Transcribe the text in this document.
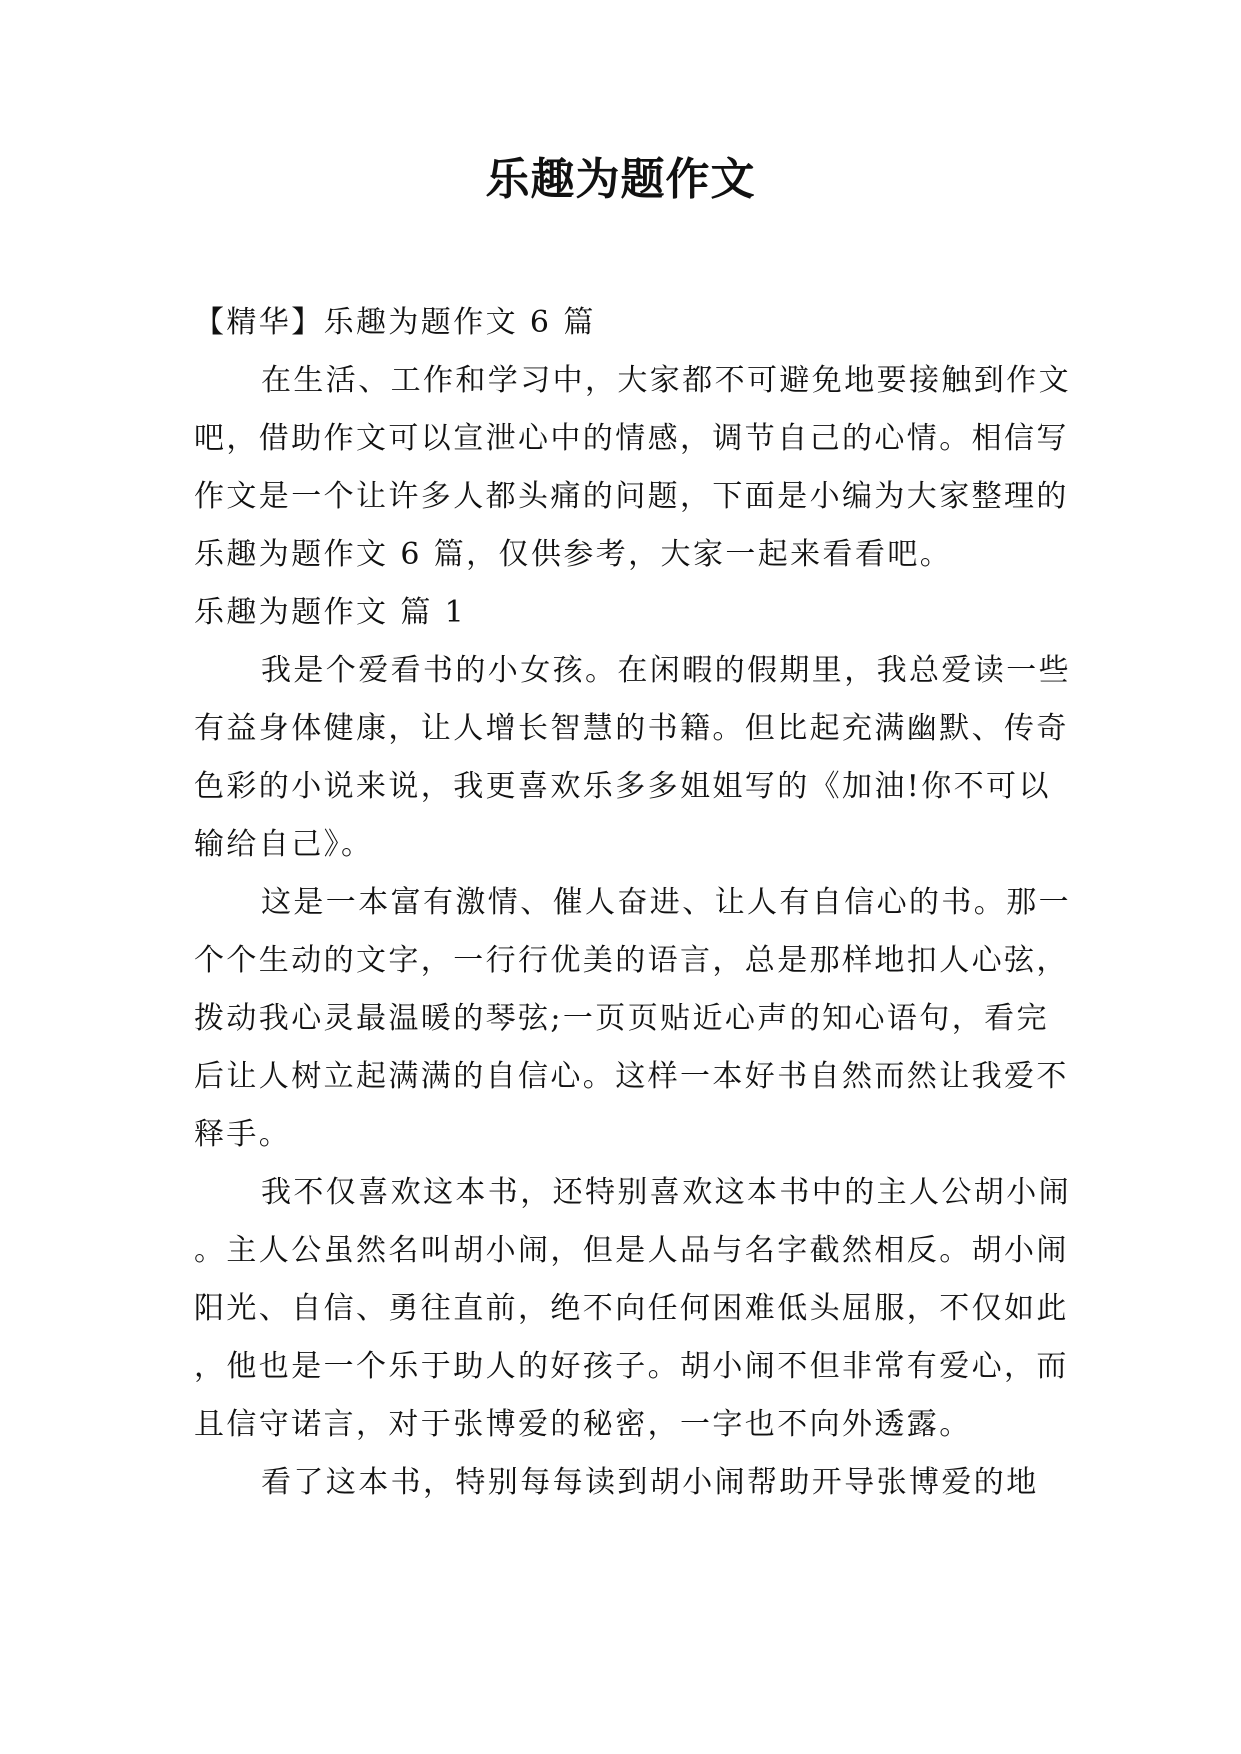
乐趣为题作文

【精华】乐趣为题作文 6 篇

在生活、工作和学习中，大家都不可避免地要接触到作文吧，借助作文可以宣泄心中的情感，调节自己的心情。相信写作文是一个让许多人都头痛的问题，下面是小编为大家整理的乐趣为题作文 6 篇，仅供参考，大家一起来看看吧。

乐趣为题作文 篇 1

我是个爱看书的小女孩。在闲暇的假期里，我总爱读一些有益身体健康，让人增长智慧的书籍。但比起充满幽默、传奇色彩的小说来说，我更喜欢乐多多姐姐写的《加油!你不可以输给自己》。

这是一本富有激情、催人奋进、让人有自信心的书。那一个个生动的文字，一行行优美的语言，总是那样地扣人心弦，拨动我心灵最温暖的琴弦;一页页贴近心声的知心语句，看完后让人树立起满满的自信心。这样一本好书自然而然让我爱不释手。

我不仅喜欢这本书，还特别喜欢这本书中的主人公胡小闹。主人公虽然名叫胡小闹，但是人品与名字截然相反。胡小闹阳光、自信、勇往直前，绝不向任何困难低头屈服，不仅如此，他也是一个乐于助人的好孩子。胡小闹不但非常有爱心，而且信守诺言，对于张博爱的秘密，一字也不向外透露。

看了这本书，特别每每读到胡小闹帮助开导张博爱的地
